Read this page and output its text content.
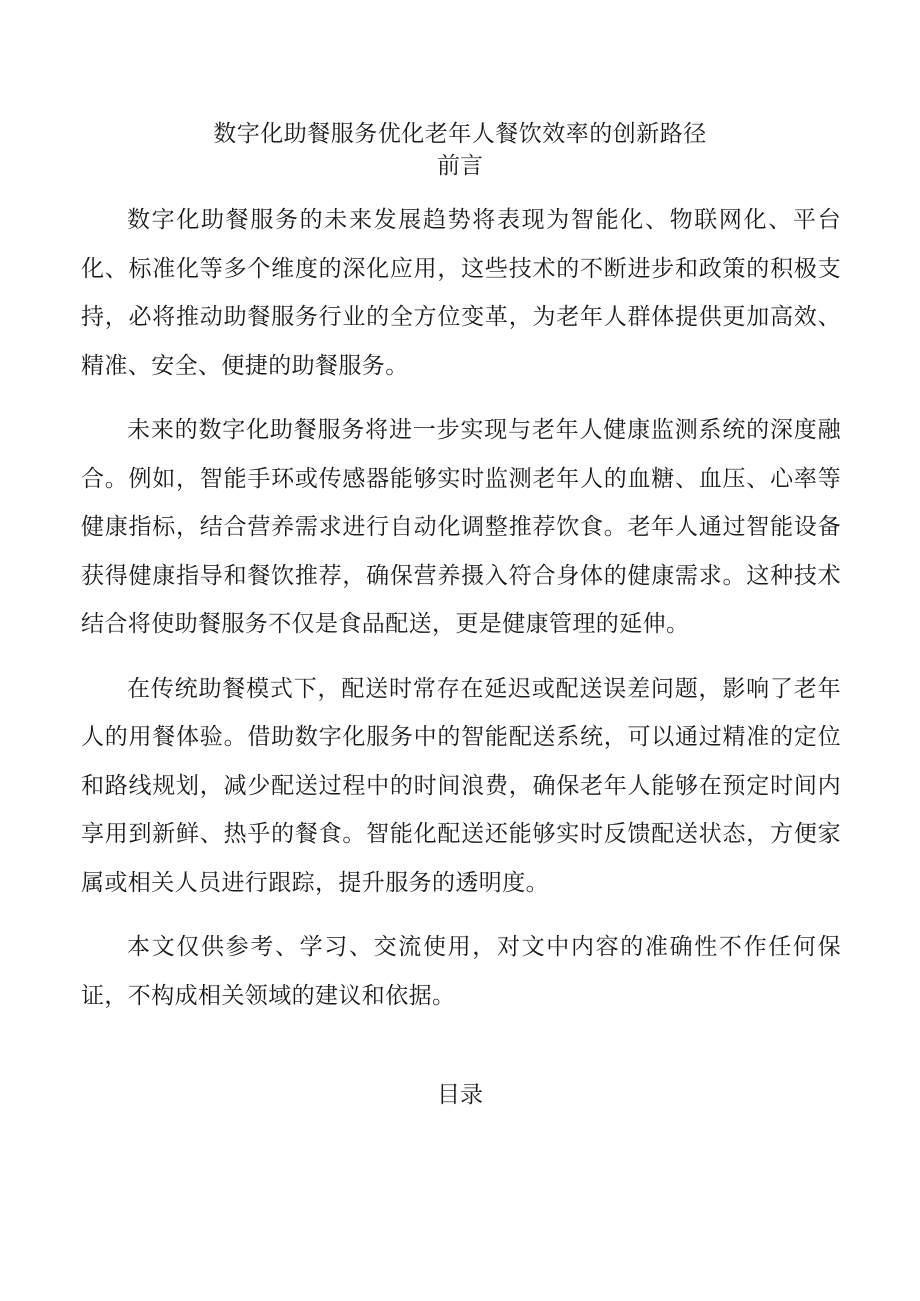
数字化助餐服务优化老年人餐饮效率的创新路径
前言

数字化助餐服务的未来发展趋势将表现为智能化、物联网化、平台化、标准化等多个维度的深化应用，这些技术的不断进步和政策的积极支持，必将推动助餐服务行业的全方位变革，为老年人群体提供更加高效、精准、安全、便捷的助餐服务。

未来的数字化助餐服务将进一步实现与老年人健康监测系统的深度融合。例如，智能手环或传感器能够实时监测老年人的血糖、血压、心率等健康指标，结合营养需求进行自动化调整推荐饮食。老年人通过智能设备获得健康指导和餐饮推荐，确保营养摄入符合身体的健康需求。这种技术结合将使助餐服务不仅是食品配送，更是健康管理的延伸。

在传统助餐模式下，配送时常存在延迟或配送误差问题，影响了老年人的用餐体验。借助数字化服务中的智能配送系统，可以通过精准的定位和路线规划，减少配送过程中的时间浪费，确保老年人能够在预定时间内享用到新鲜、热乎的餐食。智能化配送还能够实时反馈配送状态，方便家属或相关人员进行跟踪，提升服务的透明度。

本文仅供参考、学习、交流使用，对文中内容的准确性不作任何保证，不构成相关领域的建议和依据。

目录
